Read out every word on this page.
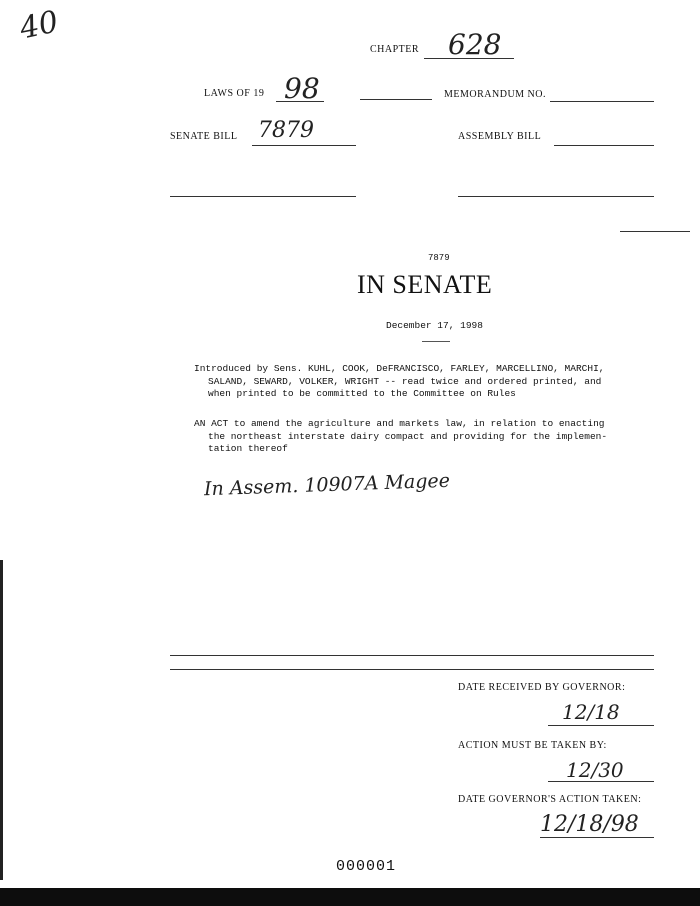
40
CHAPTER 628
LAWS OF 19 98	MEMORANDUM NO.
SENATE BILL 7879	ASSEMBLY BILL
7879
IN SENATE
December 17, 1998
Introduced by Sens. KUHL, COOK, DeFRANCISCO, FARLEY, MARCELLINO, MARCHI,
SALAND, SEWARD, VOLKER, WRIGHT -- read twice and ordered printed, and
when printed to be committed to the Committee on Rules
AN ACT to amend the agriculture and markets law, in relation to enacting
the northeast interstate dairy compact and providing for the implemen-
tation thereof
In Assem. 10907A Magee
DATE RECEIVED BY GOVERNOR:
12/18
ACTION MUST BE TAKEN BY:
12/30
DATE GOVERNOR'S ACTION TAKEN:
12/18/98
000001
